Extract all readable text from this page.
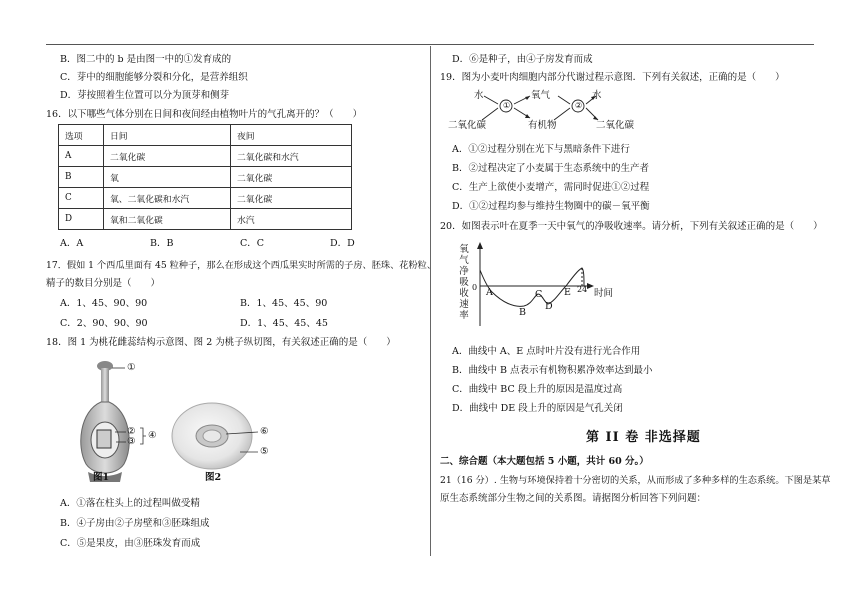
B．图二中的 b 是由图一中的①发育成的
C．芽中的细胞能够分裂和分化，是营养组织
D．芽按照着生位置可以分为顶芽和侧芽
16．以下哪些气体分别在日间和夜间经由植物叶片的气孔离开的？（　　）
选项	日间	夜间
A	二氧化碳	二氧化碳和水汽
B	氧	二氧化碳
C	氧、二氧化碳和水汽	二氧化碳
D	氧和二氧化碳	水汽
A．A	B．B	C．C	D．D
17．假如 1 个西瓜里面有 45 粒种子，那么在形成这个西瓜果实时所需的子房、胚珠、花粉粒、
精子的数目分别是（　　）
A．1、45、90、90	B．1、45、45、90
C．2、90、90、90	D．1、45、45、45
18．图 1 为桃花雌蕊结构示意图、图 2 为桃子纵切图，有关叙述正确的是（　　）
①
②
③
④
图1
⑥
⑤
图2
A．①落在柱头上的过程叫做受精
B．④子房由②子房壁和③胚珠组成
C．⑤是果皮，由③胚珠发育而成
D．⑥是种子，由④子房发育而成
19．图为小麦叶肉细胞内部分代谢过程示意图．下列有关叙述，正确的是（　　）
水
二氧化碳
①
氧气
有机物
②
水
二氧化碳
A．①②过程分别在光下与黑暗条件下进行
B．②过程决定了小麦属于生态系统中的生产者
C．生产上欲使小麦增产，需同时促进①②过程
D．①②过程均参与维持生物圈中的碳－氧平衡
20．如图表示叶在夏季一天中氧气的净吸收速率。请分析，下列有关叙述正确的是（　　）
氧
气
净
吸
收
速
率
0 A
B
C
D
E 24 时间
A．曲线中 A、E 点时叶片没有进行光合作用
B．曲线中 B 点表示有机物积累净效率达到最小
C．曲线中 BC 段上升的原因是温度过高
D．曲线中 DE 段上升的原因是气孔关闭
第 II 卷 非选择题
二、综合题（本大题包括 5 小题，共计 60 分。）
21（16 分）. 生物与环境保持着十分密切的关系，从而形成了多种多样的生态系统。下图是某草
原生态系统部分生物之间的关系图。请据图分析回答下列问题：
